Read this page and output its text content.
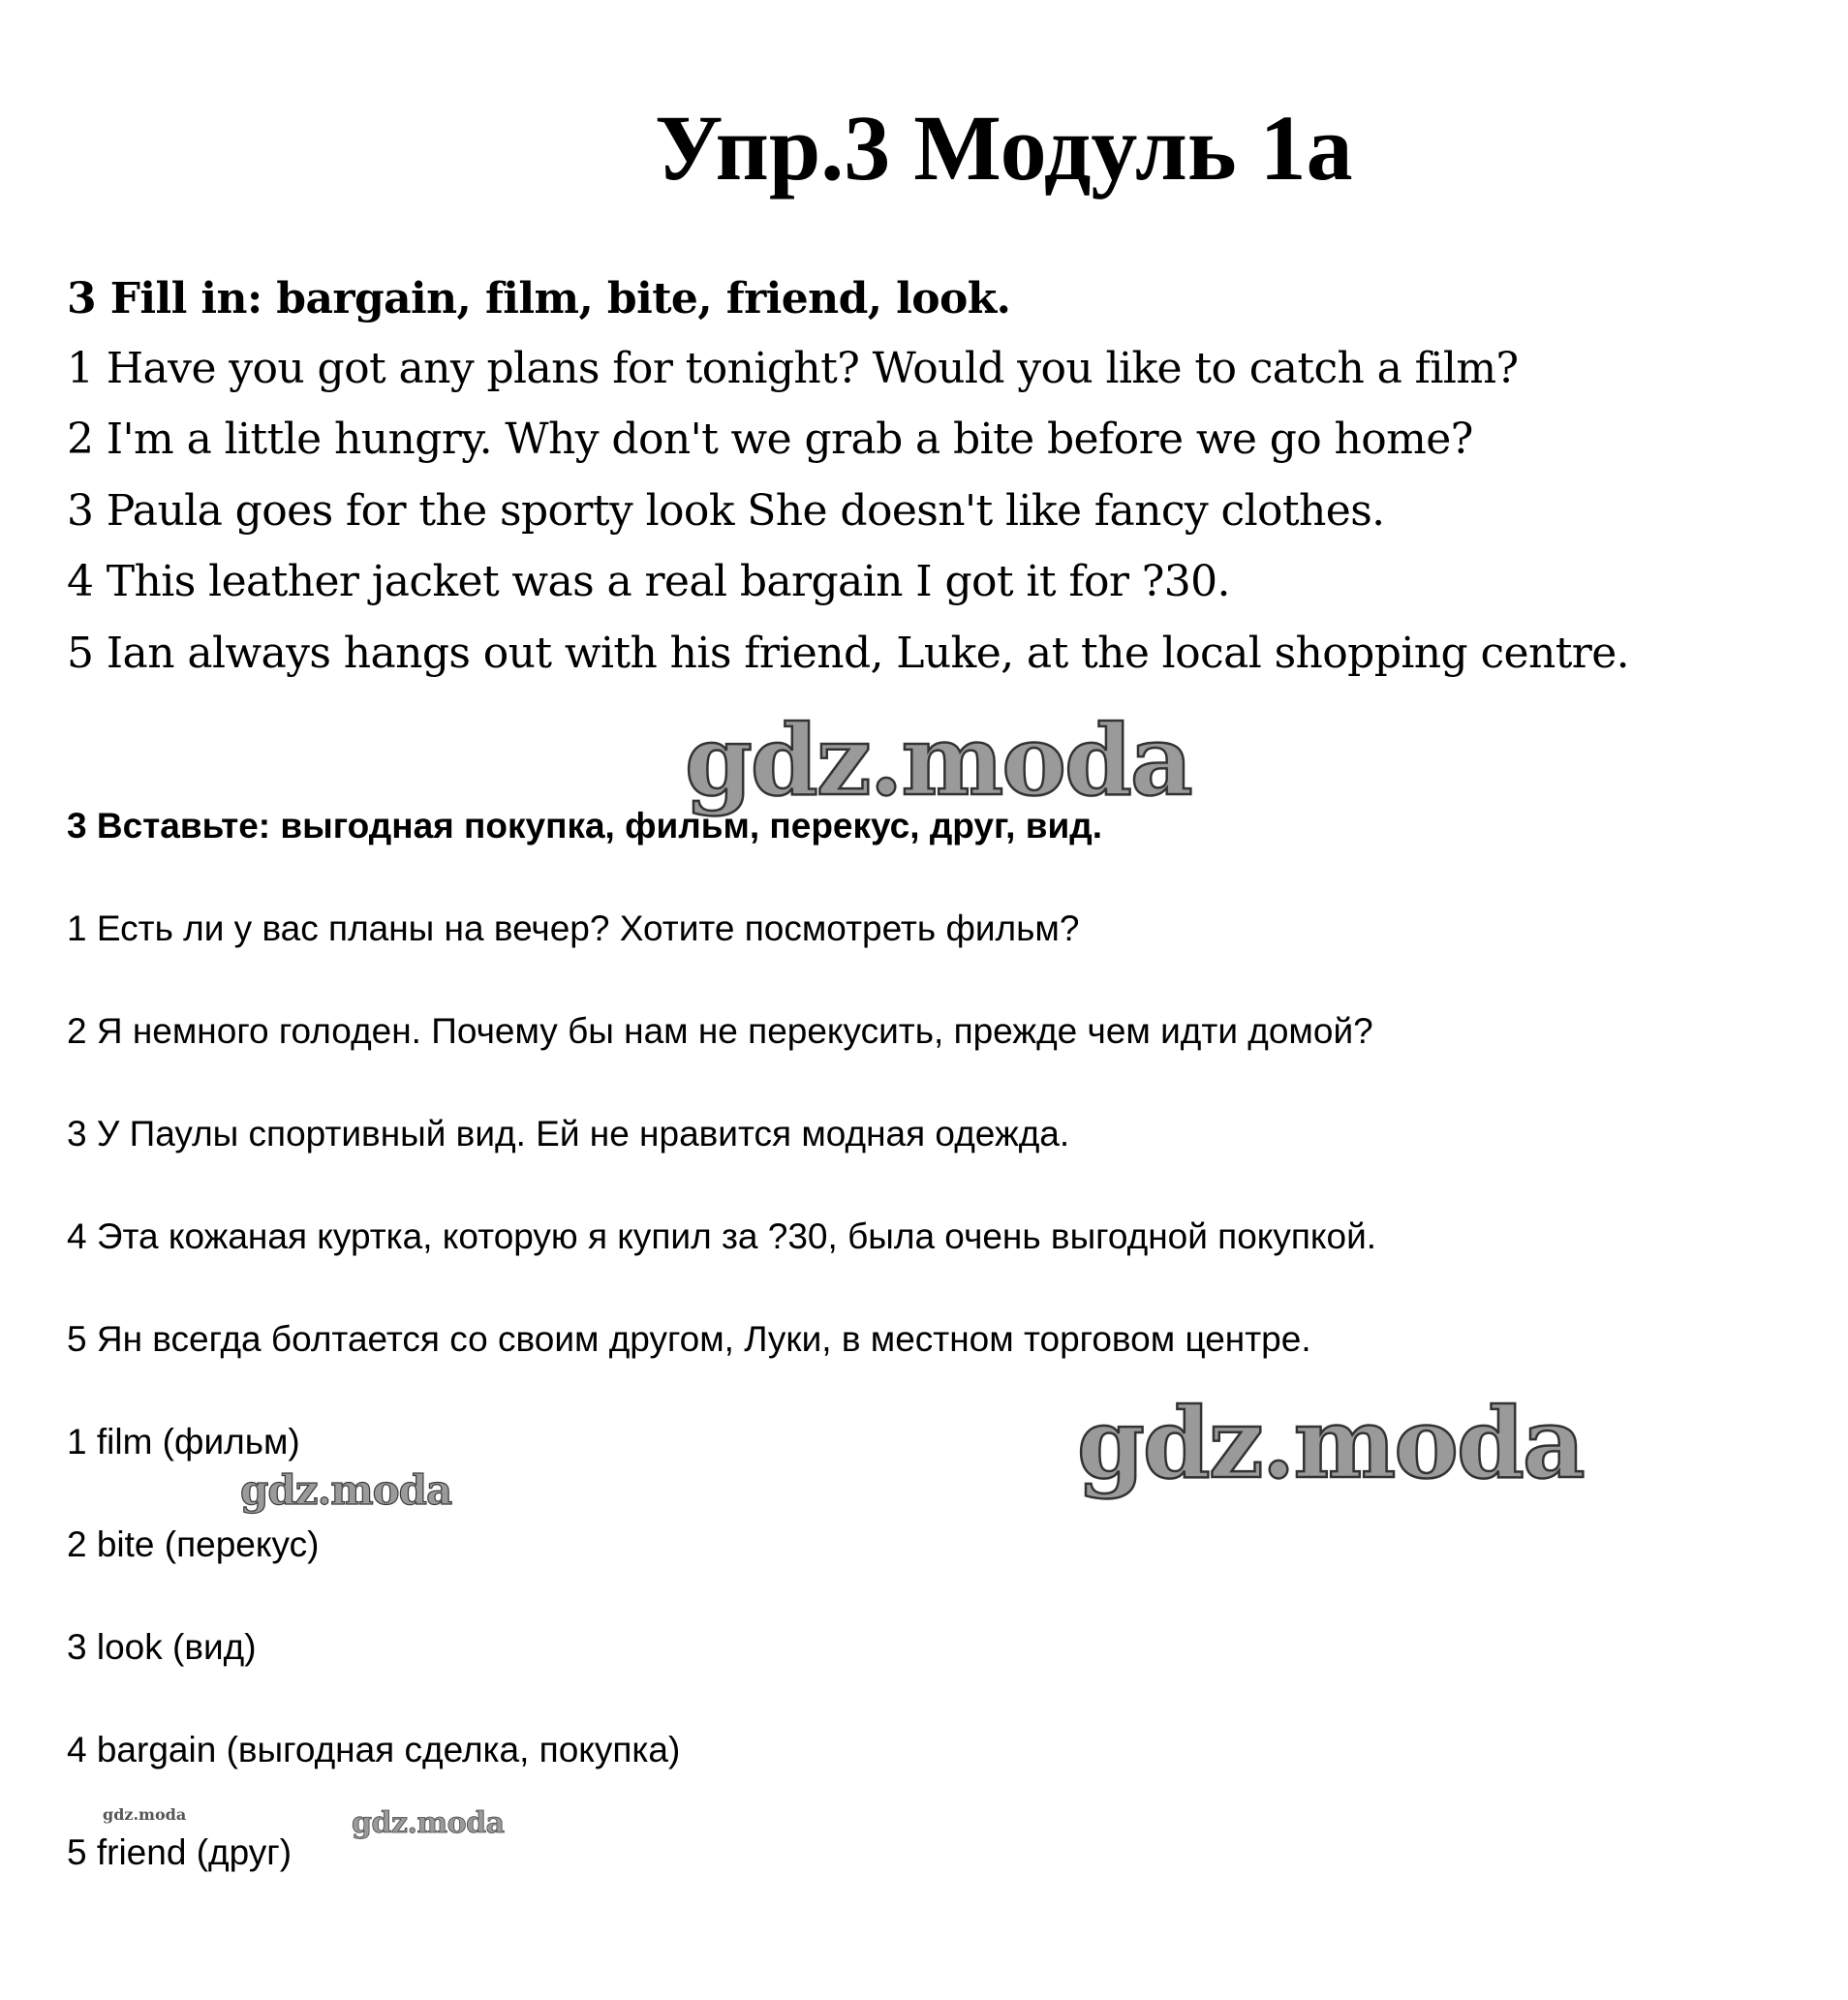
Упр.3 Модуль 1a

3 Fill in: bargain, film, bite, friend, look.

1 Have you got any plans for tonight? Would you like to catch a film?

2 I'm a little hungry. Why don't we grab a bite before we go home?

3 Paula goes for the sporty look She doesn't like fancy clothes.

4 This leather jacket was a real bargain I got it for ?30.

5 Ian always hangs out with his friend, Luke, at the local shopping centre.

gdz.moda

3 Вставьте: выгодная покупка, фильм, перекус, друг, вид.

1 Есть ли у вас планы на вечер? Хотите посмотреть фильм?

2 Я немного голоден. Почему бы нам не перекусить, прежде чем идти домой?

3 У Паулы спортивный вид. Ей не нравится модная одежда.

4 Эта кожаная куртка, которую я купил за ?30, была очень выгодной покупкой.

5 Ян всегда болтается со своим другом, Луки, в местном торговом центре.

gdz.moda

1 film (фильм)

gdz.moda

2 bite (перекус)

3 look (вид)

4 bargain (выгодная сделка, покупка)

gdz.moda	gdz.moda

5 friend (друг)
